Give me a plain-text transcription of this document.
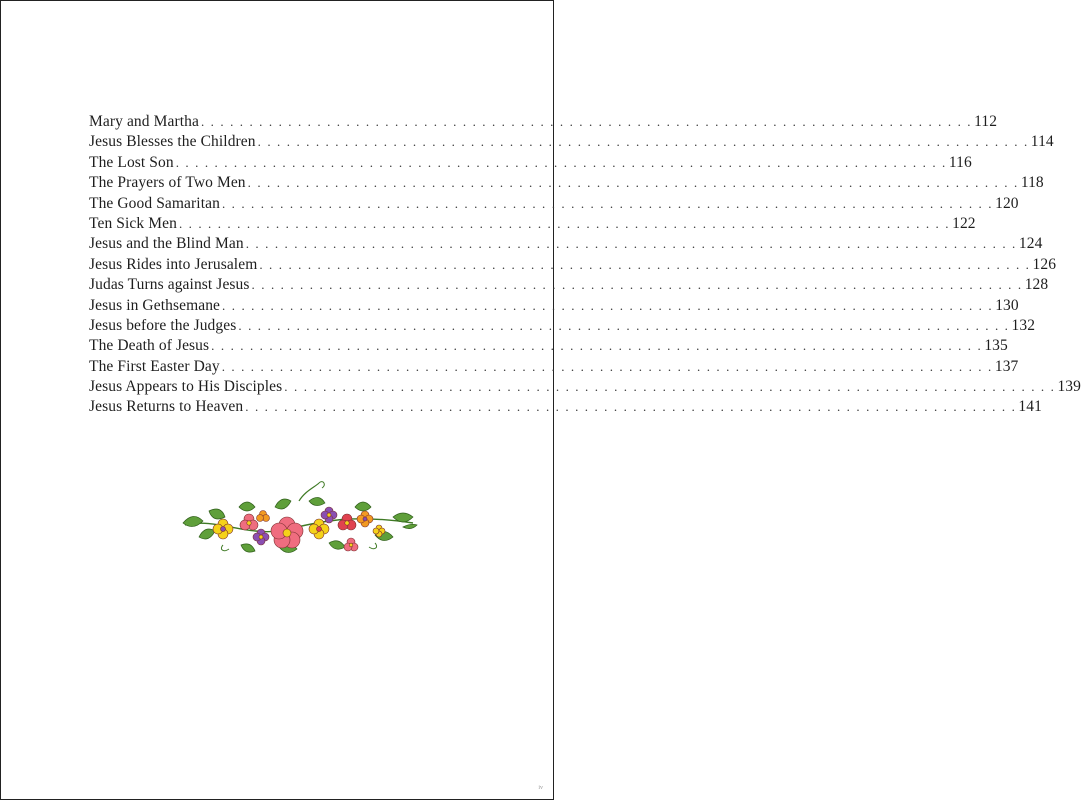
Mary and Martha . . . . . . . . . . . . . . . . . . . . . . . . . . . . . . . . . . . . . . . . . . . . . . . . . . . . . . . . . . . . . . . . . . . . . . . . . . . . . . . . 112
Jesus Blesses the Children . . . . . . . . . . . . . . . . . . . . . . . . . . . . . . . . . . . . . . . . . . . . . . . . . . . . . . . . . . . . . . . . . . . . . . . . . . . . . . . . 114
The Lost Son . . . . . . . . . . . . . . . . . . . . . . . . . . . . . . . . . . . . . . . . . . . . . . . . . . . . . . . . . . . . . . . . . . . . . . . . . . . . . . . . 116
The Prayers of Two Men . . . . . . . . . . . . . . . . . . . . . . . . . . . . . . . . . . . . . . . . . . . . . . . . . . . . . . . . . . . . . . . . . . . . . . . . . . . . . . . . 118
The Good Samaritan . . . . . . . . . . . . . . . . . . . . . . . . . . . . . . . . . . . . . . . . . . . . . . . . . . . . . . . . . . . . . . . . . . . . . . . . . . . . . . . . 120
Ten Sick Men . . . . . . . . . . . . . . . . . . . . . . . . . . . . . . . . . . . . . . . . . . . . . . . . . . . . . . . . . . . . . . . . . . . . . . . . . . . . . . . . 122
Jesus and the Blind Man . . . . . . . . . . . . . . . . . . . . . . . . . . . . . . . . . . . . . . . . . . . . . . . . . . . . . . . . . . . . . . . . . . . . . . . . . . . . . . . . 124
Jesus Rides into Jerusalem . . . . . . . . . . . . . . . . . . . . . . . . . . . . . . . . . . . . . . . . . . . . . . . . . . . . . . . . . . . . . . . . . . . . . . . . . . . . . . . . 126
Judas Turns against Jesus . . . . . . . . . . . . . . . . . . . . . . . . . . . . . . . . . . . . . . . . . . . . . . . . . . . . . . . . . . . . . . . . . . . . . . . . . . . . . . . . 128
Jesus in Gethsemane . . . . . . . . . . . . . . . . . . . . . . . . . . . . . . . . . . . . . . . . . . . . . . . . . . . . . . . . . . . . . . . . . . . . . . . . . . . . . . . . 130
Jesus before the Judges . . . . . . . . . . . . . . . . . . . . . . . . . . . . . . . . . . . . . . . . . . . . . . . . . . . . . . . . . . . . . . . . . . . . . . . . . . . . . . . . 132
The Death of Jesus . . . . . . . . . . . . . . . . . . . . . . . . . . . . . . . . . . . . . . . . . . . . . . . . . . . . . . . . . . . . . . . . . . . . . . . . . . . . . . . . 135
The First Easter Day . . . . . . . . . . . . . . . . . . . . . . . . . . . . . . . . . . . . . . . . . . . . . . . . . . . . . . . . . . . . . . . . . . . . . . . . . . . . . . . . 137
Jesus Appears to His Disciples . . . . . . . . . . . . . . . . . . . . . . . . . . . . . . . . . . . . . . . . . . . . . . . . . . . . . . . . . . . . . . . . . . . . . . . . . . . . . . . . 139
Jesus Returns to Heaven . . . . . . . . . . . . . . . . . . . . . . . . . . . . . . . . . . . . . . . . . . . . . . . . . . . . . . . . . . . . . . . . . . . . . . . . . . . . . . . . 141
iv
